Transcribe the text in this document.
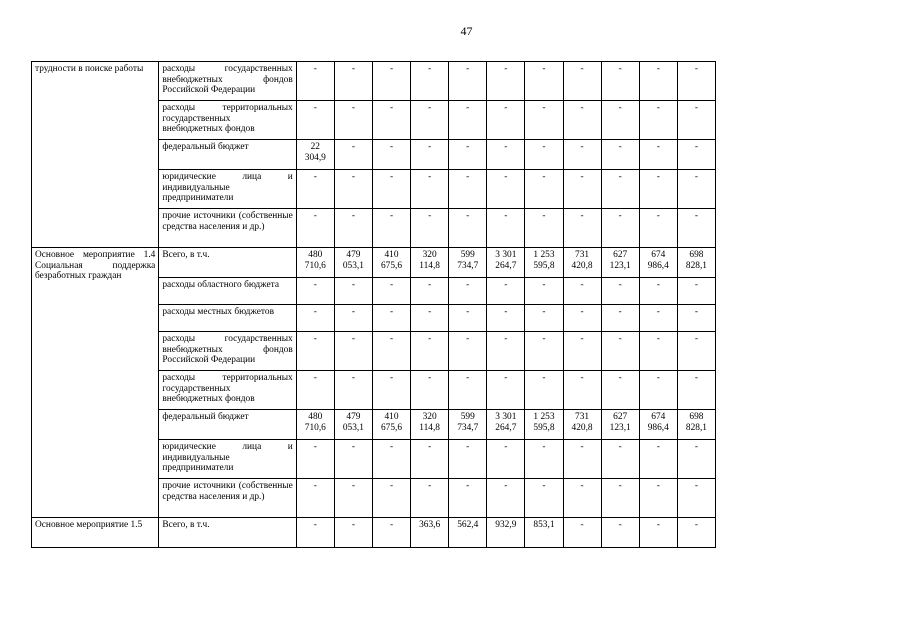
47
трудности в поиске работы	расходы государственных внебюджетных фондов Российской Федерации	-	-	-	-	-	-	-	-	-	-	-
	расходы территориальных государственных внебюджетных фондов	-	-	-	-	-	-	-	-	-	-	-
	федеральный бюджет	22 304,9	-	-	-	-	-	-	-	-	-	-
	юридические лица и индивидуальные предприниматели	-	-	-	-	-	-	-	-	-	-	-
	прочие источники (собственные средства населения и др.)	-	-	-	-	-	-	-	-	-	-	-
Основное мероприятие 1.4 Социальная поддержка безработных граждан	Всего, в т.ч.	480 710,6	479 053,1	410 675,6	320 114,8	599 734,7	3 301 264,7	1 253 595,8	731 420,8	627 123,1	674 986,4	698 828,1
	расходы областного бюджета	-	-	-	-	-	-	-	-	-	-	-
	расходы местных бюджетов	-	-	-	-	-	-	-	-	-	-	-
	расходы государственных внебюджетных фондов Российской Федерации	-	-	-	-	-	-	-	-	-	-	-
	расходы территориальных государственных внебюджетных фондов	-	-	-	-	-	-	-	-	-	-	-
	федеральный бюджет	480 710,6	479 053,1	410 675,6	320 114,8	599 734,7	3 301 264,7	1 253 595,8	731 420,8	627 123,1	674 986,4	698 828,1
	юридические лица и индивидуальные предприниматели	-	-	-	-	-	-	-	-	-	-	-
	прочие источники (собственные средства населения и др.)	-	-	-	-	-	-	-	-	-	-	-
Основное мероприятие 1.5	Всего, в т.ч.	-	-	-	363,6	562,4	932,9	853,1	-	-	-	-
